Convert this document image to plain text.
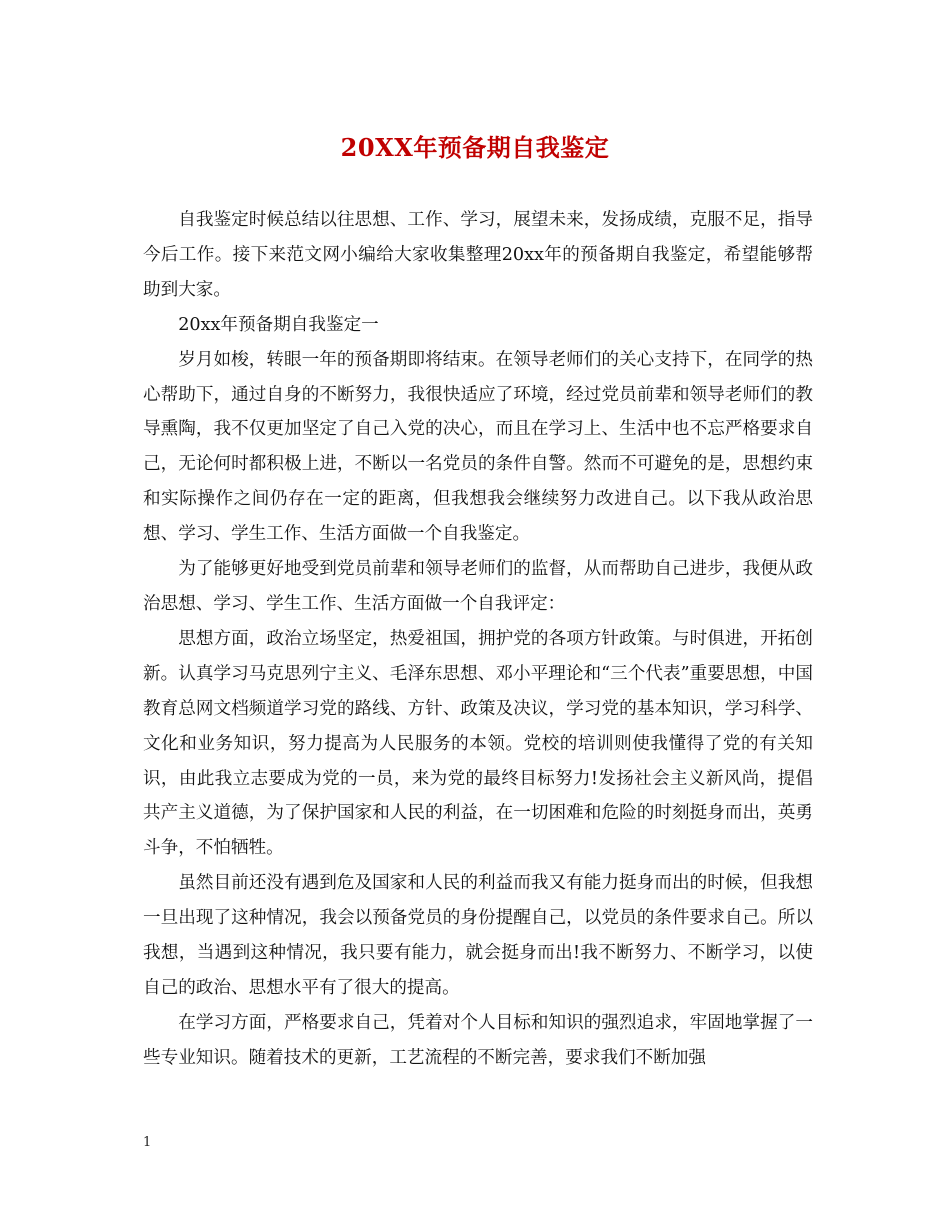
20XX年预备期自我鉴定

自我鉴定时候总结以往思想、工作、学习，展望未来，发扬成绩，克服不足，指导今后工作。接下来范文网小编给大家收集整理20xx年的预备期自我鉴定，希望能够帮助到大家。

20xx年预备期自我鉴定一

岁月如梭，转眼一年的预备期即将结束。在领导老师们的关心支持下，在同学的热心帮助下，通过自身的不断努力，我很快适应了环境，经过党员前辈和领导老师们的教导熏陶，我不仅更加坚定了自己入党的决心，而且在学习上、生活中也不忘严格要求自己，无论何时都积极上进，不断以一名党员的条件自警。然而不可避免的是，思想约束和实际操作之间仍存在一定的距离，但我想我会继续努力改进自己。以下我从政治思想、学习、学生工作、生活方面做一个自我鉴定。

为了能够更好地受到党员前辈和领导老师们的监督，从而帮助自己进步，我便从政治思想、学习、学生工作、生活方面做一个自我评定：

思想方面，政治立场坚定，热爱祖国，拥护党的各项方针政策。与时俱进，开拓创新。认真学习马克思列宁主义、毛泽东思想、邓小平理论和“三个代表”重要思想，中国教育总网文档频道学习党的路线、方针、政策及决议，学习党的基本知识，学习科学、文化和业务知识，努力提高为人民服务的本领。党校的培训则使我懂得了党的有关知识，由此我立志要成为党的一员，来为党的最终目标努力!发扬社会主义新风尚，提倡共产主义道德，为了保护国家和人民的利益，在一切困难和危险的时刻挺身而出，英勇斗争，不怕牺牲。

虽然目前还没有遇到危及国家和人民的利益而我又有能力挺身而出的时候，但我想一旦出现了这种情况，我会以预备党员的身份提醒自己，以党员的条件要求自己。所以我想，当遇到这种情况，我只要有能力，就会挺身而出!我不断努力、不断学习，以使自己的政治、思想水平有了很大的提高。

在学习方面，严格要求自己，凭着对个人目标和知识的强烈追求，牢固地掌握了一些专业知识。随着技术的更新，工艺流程的不断完善，要求我们不断加强

1
